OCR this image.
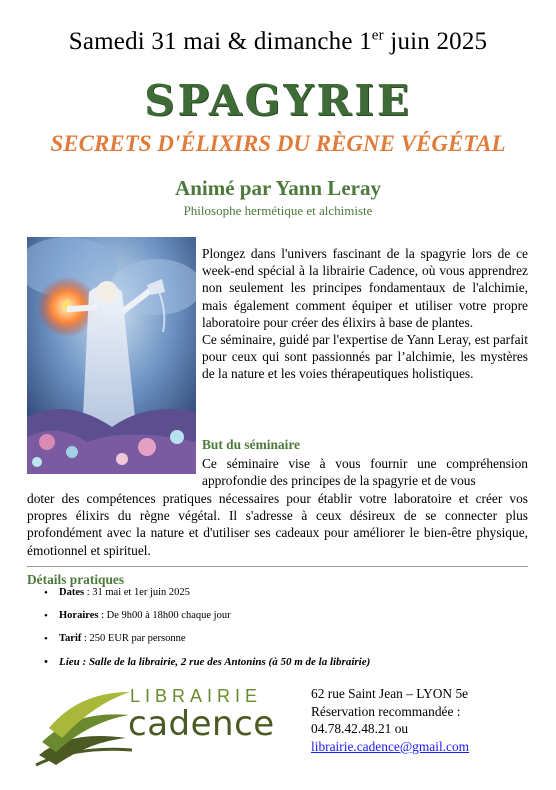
Samedi 31 mai & dimanche 1er juin 2025
SPAGYRIE
SECRETS D'ÉLIXIRS DU RÈGNE VÉGÉTAL
Animé par Yann Leray
Philosophe hermétique et alchimiste
Plongez dans l'univers fascinant de la spagyrie lors de ce week-end spécial à la librairie Cadence, où vous apprendrez non seulement les principes fondamentaux de l'alchimie, mais également comment équiper et utiliser votre propre laboratoire pour créer des élixirs à base de plantes.
Ce séminaire, guidé par l'expertise de Yann Leray, est parfait pour ceux qui sont passionnés par l’alchimie, les mystères de la nature et les voies thérapeutiques holistiques.
But du séminaire
Ce séminaire vise à vous fournir une compréhension approfondie des principes de la spagyrie et de vous
doter des compétences pratiques nécessaires pour établir votre laboratoire et créer vos propres élixirs du règne végétal. Il s'adresse à ceux désireux de se connecter plus profondément avec la nature et d'utiliser ses cadeaux pour améliorer le bien-être physique, émotionnel et spirituel.
Détails pratiques
• Dates : 31 mai et 1er juin 2025
• Horaires : De 9h00 à 18h00 chaque jour
• Tarif : 250 EUR par personne
• Lieu : Salle de la librairie, 2 rue des Antonins (à 50 m de la librairie)
LIBRAIRIE
cadence
62 rue Saint Jean – LYON 5e
Réservation recommandée :
04.78.42.48.21 ou
librairie.cadence@gmail.com
